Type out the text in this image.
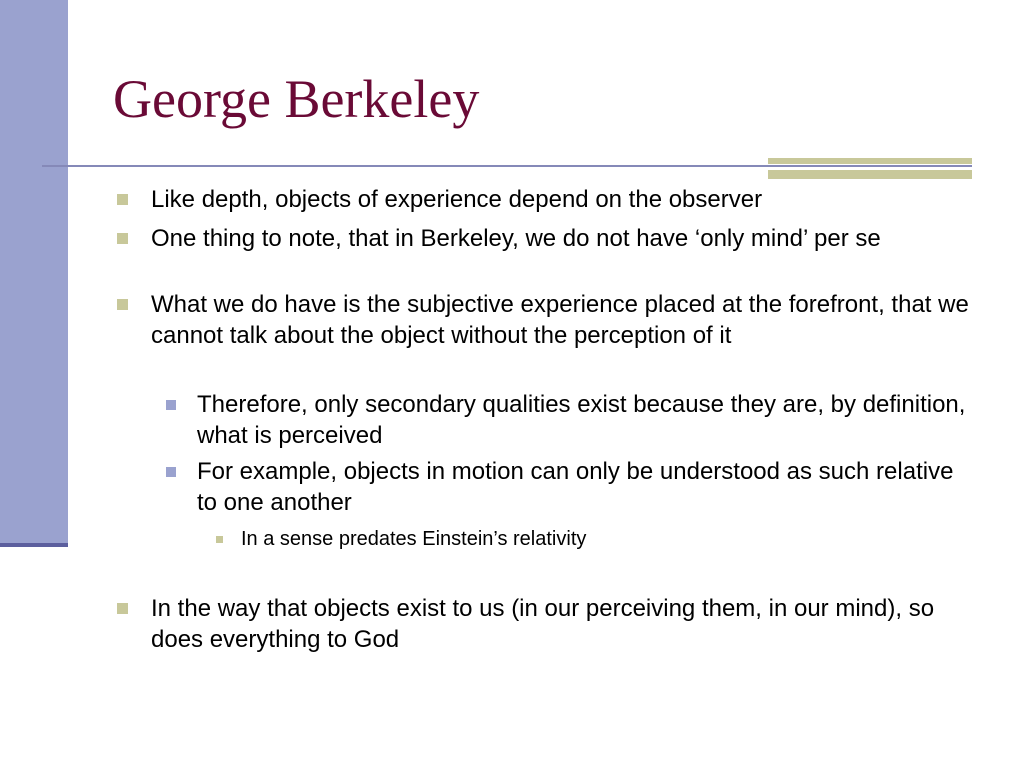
George Berkeley

Like depth, objects of experience depend on the observer

One thing to note, that in Berkeley, we do not have ‘only mind’ per se

What we do have is the subjective experience placed at the forefront, that we cannot talk about the object without the perception of it

Therefore, only secondary qualities exist because they are, by definition, what is perceived

For example, objects in motion can only be understood as such relative to one another

In a sense predates Einstein’s relativity

In the way that objects exist to us (in our perceiving them, in our mind), so does everything to God
